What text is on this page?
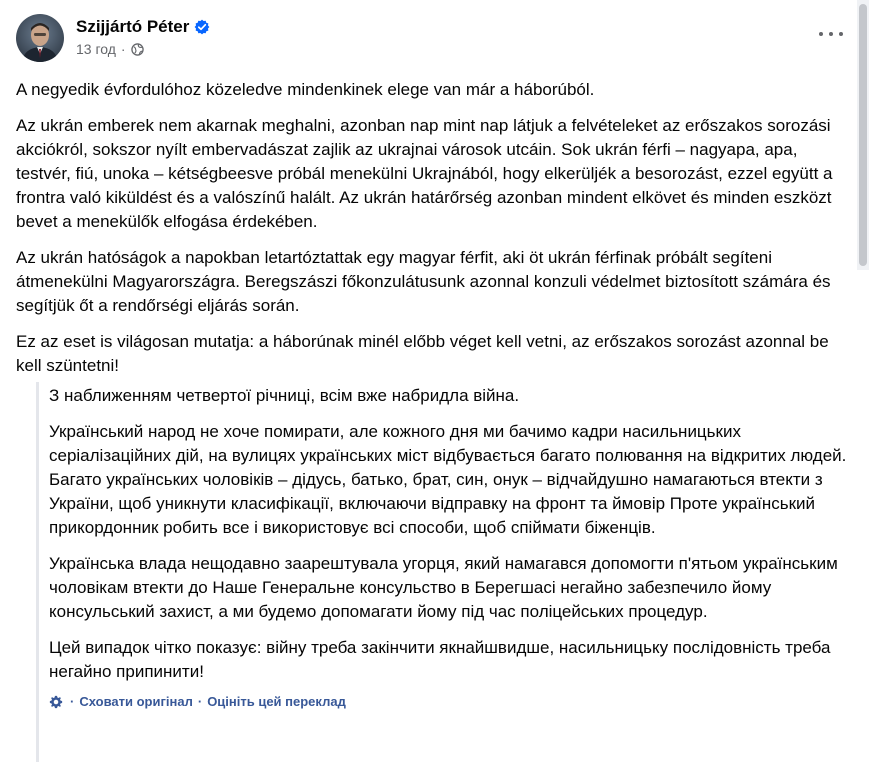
Szijjártó Péter
13 год ·

A negyedik évfordulóhoz közeledve mindenkinek elege van már a háborúból.

Az ukrán emberek nem akarnak meghalni, azonban nap mint nap látjuk a felvételeket az erőszakos sorozási akciókról, sokszor nyílt embervadászat zajlik az ukrajnai városok utcáin. Sok ukrán férfi – nagyapa, apa, testvér, fiú, unoka – kétségbeesve próbál menekülni Ukrajnából, hogy elkerüljék a besorozást, ezzel együtt a frontra való kiküldést és a valószínű halált. Az ukrán határőrség azonban mindent elkövet és minden eszközt bevet a menekülők elfogása érdekében.

Az ukrán hatóságok a napokban letartóztattak egy magyar férfit, aki öt ukrán férfinak próbált segíteni átmenekülni Magyarországra. Beregszászi főkonzulátusunk azonnal konzuli védelmet biztosított számára és segítjük őt a rendőrségi eljárás során.

Ez az eset is világosan mutatja: a háborúnak minél előbb véget kell vetni, az erőszakos sorozást azonnal be kell szüntetni!

З наближенням четвертої річниці, всім вже набридла війна.

Український народ не хоче помирати, але кожного дня ми бачимо кадри насильницьких серіалізаційних дій, на вулицях українських міст відбувається багато полювання на відкритих людей. Багато українських чоловіків – дідусь, батько, брат, син, онук – відчайдушно намагаються втекти з України, щоб уникнути класифікації, включаючи відправку на фронт та ймовір Проте український прикордонник робить все і використовує всі способи, щоб спіймати біженців.

Українська влада нещодавно заарештувала угорця, який намагався допомогти п'ятьом українським чоловікам втекти до Наше Генеральне консульство в Берегшасі негайно забезпечило йому консульський захист, а ми будемо допомагати йому під час поліцейських процедур.

Цей випадок чітко показує: війну треба закінчити якнайшвидше, насильницьку послідовність треба негайно припинити!

· Сховати оригінал · Оцініть цей переклад
